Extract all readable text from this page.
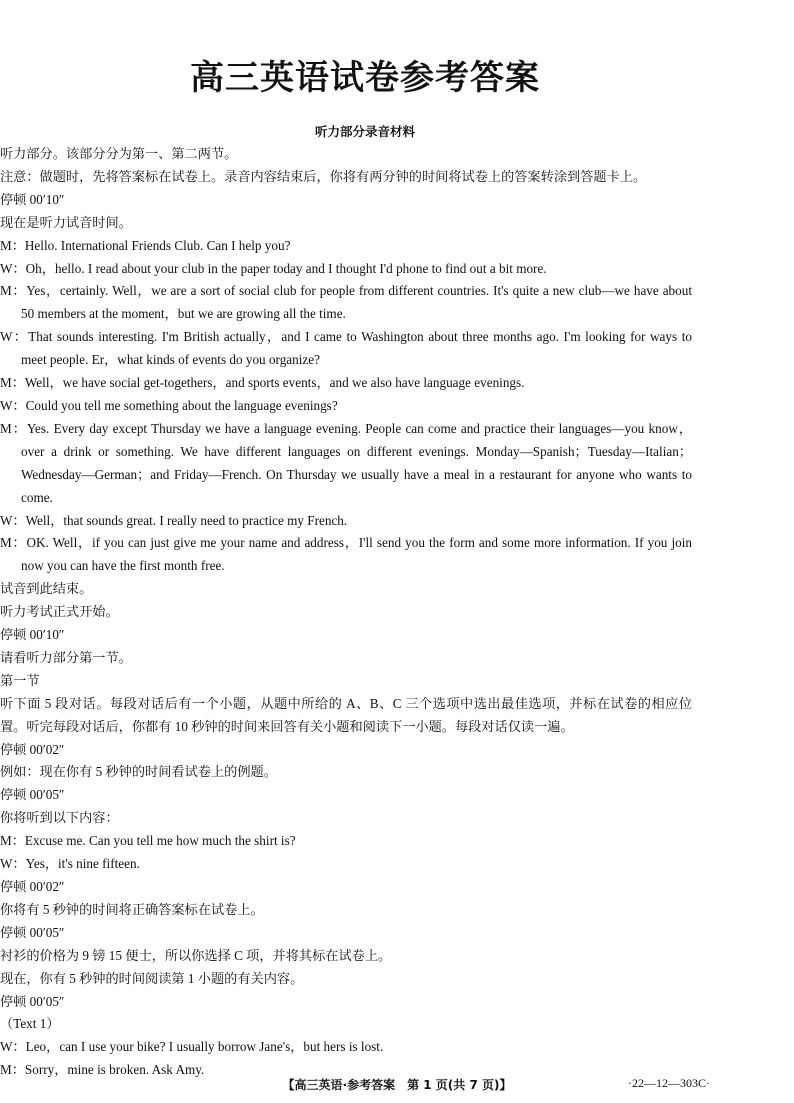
高三英语试卷参考答案
听力部分录音材料
听力部分。该部分分为第一、第二两节。
注意：做题时，先将答案标在试卷上。录音内容结束后，你将有两分钟的时间将试卷上的答案转涂到答题卡上。
停顿 00′10″
现在是听力试音时间。
M：Hello. International Friends Club. Can I help you?
W：Oh，hello. I read about your club in the paper today and I thought I'd phone to find out a bit more.
M：Yes，certainly. Well，we are a sort of social club for people from different countries. It's quite a new club—we have about 50 members at the moment，but we are growing all the time.
W：That sounds interesting. I'm British actually，and I came to Washington about three months ago. I'm looking for ways to meet people. Er，what kinds of events do you organize?
M：Well，we have social get-togethers，and sports events，and we also have language evenings.
W：Could you tell me something about the language evenings?
M：Yes. Every day except Thursday we have a language evening. People can come and practice their languages—you know，over a drink or something. We have different languages on different evenings. Monday—Spanish；Tuesday—Italian；Wednesday—German；and Friday—French. On Thursday we usually have a meal in a restaurant for anyone who wants to come.
W：Well，that sounds great. I really need to practice my French.
M：OK. Well，if you can just give me your name and address，I'll send you the form and some more information. If you join now you can have the first month free.
试音到此结束。
听力考试正式开始。
停顿 00′10″
请看听力部分第一节。
第一节
听下面 5 段对话。每段对话后有一个小题，从题中所给的 A、B、C 三个选项中选出最佳选项，并标在试卷的相应位置。听完每段对话后，你都有 10 秒钟的时间来回答有关小题和阅读下一小题。每段对话仅读一遍。
停顿 00′02″
例如：现在你有 5 秒钟的时间看试卷上的例题。
停顿 00′05″
你将听到以下内容：
M：Excuse me. Can you tell me how much the shirt is?
W：Yes，it's nine fifteen.
停顿 00′02″
你将有 5 秒钟的时间将正确答案标在试卷上。
停顿 00′05″
衬衫的价格为 9 镑 15 便士，所以你选择 C 项，并将其标在试卷上。
现在，你有 5 秒钟的时间阅读第 1 小题的有关内容。
停顿 00′05″
（Text 1）
W：Leo，can I use your bike? I usually borrow Jane's，but hers is lost.
M：Sorry，mine is broken. Ask Amy.
【高三英语·参考答案　第 1 页(共 7 页)】	·22—12—303C·
